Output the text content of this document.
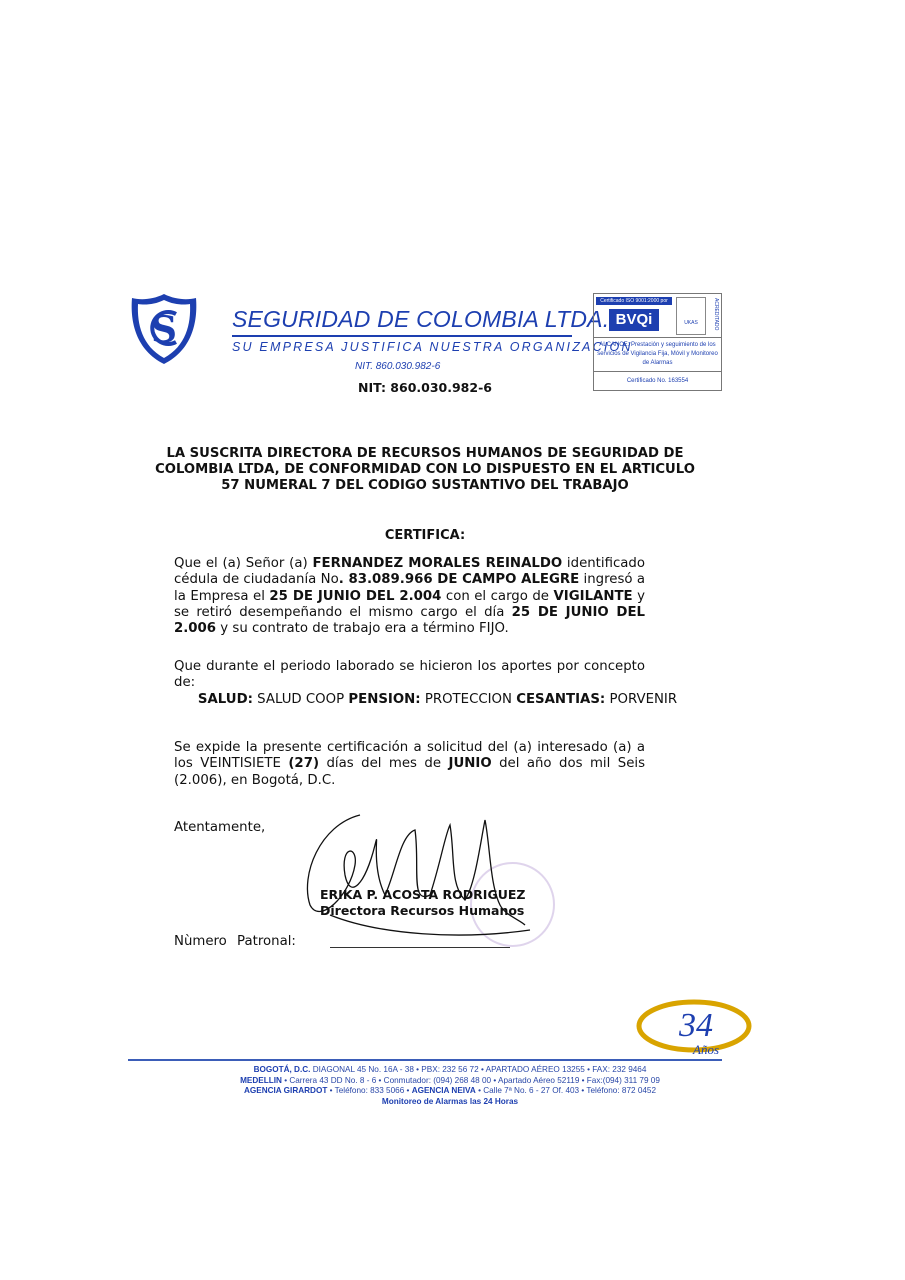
S SEGURIDAD DE COLOMBIA LTDA.
SU EMPRESA JUSTIFICA NUESTRA ORGANIZACION
NIT. 860.030.982-6
NIT: 860.030.982-6
Certificado ISO 9001:2000 por
BVQi	UKAS	ACREDITADO
ALCANCE: Prestación y seguimiento de los servicios de Vigilancia Fija, Móvil y Monitoreo de Alarmas
Certificado No. 163554
LA SUSCRITA DIRECTORA DE RECURSOS HUMANOS DE SEGURIDAD DE COLOMBIA LTDA, DE CONFORMIDAD CON LO DISPUESTO EN EL ARTICULO 57 NUMERAL 7 DEL CODIGO SUSTANTIVO DEL TRABAJO
CERTIFICA:
Que el (a) Señor (a) FERNANDEZ MORALES REINALDO identificado cédula de ciudadanía No. 83.089.966 DE CAMPO ALEGRE ingresó a la Empresa el 25 DE JUNIO DEL 2.004 con el cargo de VIGILANTE y se retiró desempeñando el mismo cargo el día 25 DE JUNIO DEL 2.006 y su contrato de trabajo era a término FIJO.
Que durante el periodo laborado se hicieron los aportes por concepto de:
SALUD: SALUD COOP PENSION: PROTECCION CESANTIAS: PORVENIR
Se expide la presente certificación a solicitud del (a) interesado (a) a los VEINTISIETE (27) días del mes de JUNIO del año dos mil Seis (2.006), en Bogotá, D.C.
Atentamente,
ERIKA P. ACOSTA RODRIGUEZ
Directora Recursos Humanos
Nùmero Patronal:
34
Años
BOGOTÁ, D.C. DIAGONAL 45 No. 16A - 38 • PBX: 232 56 72 • APARTADO AÉREO 13255 • FAX: 232 9464
MEDELLIN • Carrera 43 DD No. 8 - 6 • Conmutador: (094) 268 48 00 • Apartado Aéreo 52119 • Fax:(094) 311 79 09
AGENCIA GIRARDOT • Teléfono: 833 5066 • AGENCIA NEIVA • Calle 7ª No. 6 - 27 Of. 403 • Teléfono: 872 0452
Monitoreo de Alarmas las 24 Horas
